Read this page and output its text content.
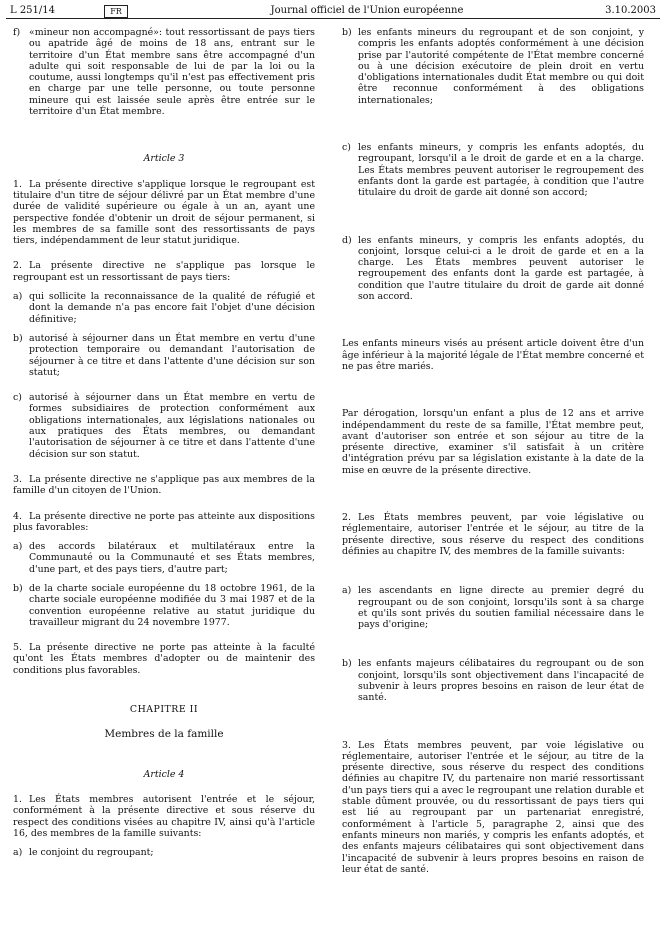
L 251/14	FR	Journal officiel de l'Union européenne	3.10.2003
f) «mineur non accompagné»: tout ressortissant de pays tiers ou apatride âgé de moins de 18 ans, entrant sur le territoire d'un État membre sans être accompagné d'un adulte qui soit responsable de lui de par la loi ou la coutume, aussi longtemps qu'il n'est pas effectivement pris en charge par une telle personne, ou toute personne mineure qui est laissée seule après être entrée sur le territoire d'un État membre.
Article 3
1. La présente directive s'applique lorsque le regroupant est titulaire d'un titre de séjour délivré par un État membre d'une durée de validité supérieure ou égale à un an, ayant une perspective fondée d'obtenir un droit de séjour permanent, si les membres de sa famille sont des ressortissants de pays tiers, indépendamment de leur statut juridique.
2. La présente directive ne s'applique pas lorsque le regroupant est un ressortissant de pays tiers:
a) qui sollicite la reconnaissance de la qualité de réfugié et dont la demande n'a pas encore fait l'objet d'une décision définitive;
b) autorisé à séjourner dans un État membre en vertu d'une protection temporaire ou demandant l'autorisation de séjourner à ce titre et dans l'attente d'une décision sur son statut;
c) autorisé à séjourner dans un État membre en vertu de formes subsidiaires de protection conformément aux obligations internationales, aux législations nationales ou aux pratiques des États membres, ou demandant l'autorisation de séjourner à ce titre et dans l'attente d'une décision sur son statut.
3. La présente directive ne s'applique pas aux membres de la famille d'un citoyen de l'Union.
4. La présente directive ne porte pas atteinte aux dispositions plus favorables:
a) des accords bilatéraux et multilatéraux entre la Communauté ou la Communauté et ses États membres, d'une part, et des pays tiers, d'autre part;
b) de la charte sociale européenne du 18 octobre 1961, de la charte sociale européenne modifiée du 3 mai 1987 et de la convention européenne relative au statut juridique du travailleur migrant du 24 novembre 1977.
5. La présente directive ne porte pas atteinte à la faculté qu'ont les États membres d'adopter ou de maintenir des conditions plus favorables.
CHAPITRE II
Membres de la famille
Article 4
1. Les États membres autorisent l'entrée et le séjour, conformément à la présente directive et sous réserve du respect des conditions visées au chapitre IV, ainsi qu'à l'article 16, des membres de la famille suivants:
a) le conjoint du regroupant;
b) les enfants mineurs du regroupant et de son conjoint, y compris les enfants adoptés conformément à une décision prise par l'autorité compétente de l'État membre concerné ou à une décision exécutoire de plein droit en vertu d'obligations internationales dudit État membre ou qui doit être reconnue conformément à des obligations internationales;
c) les enfants mineurs, y compris les enfants adoptés, du regroupant, lorsqu'il a le droit de garde et en a la charge. Les États membres peuvent autoriser le regroupement des enfants dont la garde est partagée, à condition que l'autre titulaire du droit de garde ait donné son accord;
d) les enfants mineurs, y compris les enfants adoptés, du conjoint, lorsque celui-ci a le droit de garde et en a la charge. Les États membres peuvent autoriser le regroupement des enfants dont la garde est partagée, à condition que l'autre titulaire du droit de garde ait donné son accord.
Les enfants mineurs visés au présent article doivent être d'un âge inférieur à la majorité légale de l'État membre concerné et ne pas être mariés.
Par dérogation, lorsqu'un enfant a plus de 12 ans et arrive indépendamment du reste de sa famille, l'État membre peut, avant d'autoriser son entrée et son séjour au titre de la présente directive, examiner s'il satisfait à un critère d'intégration prévu par sa législation existante à la date de la mise en œuvre de la présente directive.
2. Les États membres peuvent, par voie législative ou réglementaire, autoriser l'entrée et le séjour, au titre de la présente directive, sous réserve du respect des conditions définies au chapitre IV, des membres de la famille suivants:
a) les ascendants en ligne directe au premier degré du regroupant ou de son conjoint, lorsqu'ils sont à sa charge et qu'ils sont privés du soutien familial nécessaire dans le pays d'origine;
b) les enfants majeurs célibataires du regroupant ou de son conjoint, lorsqu'ils sont objectivement dans l'incapacité de subvenir à leurs propres besoins en raison de leur état de santé.
3. Les États membres peuvent, par voie législative ou réglementaire, autoriser l'entrée et le séjour, au titre de la présente directive, sous réserve du respect des conditions définies au chapitre IV, du partenaire non marié ressortissant d'un pays tiers qui a avec le regroupant une relation durable et stable dûment prouvée, ou du ressortissant de pays tiers qui est lié au regroupant par un partenariat enregistré, conformément à l'article 5, paragraphe 2, ainsi que des enfants mineurs non mariés, y compris les enfants adoptés, et des enfants majeurs célibataires qui sont objectivement dans l'incapacité de subvenir à leurs propres besoins en raison de leur état de santé.
